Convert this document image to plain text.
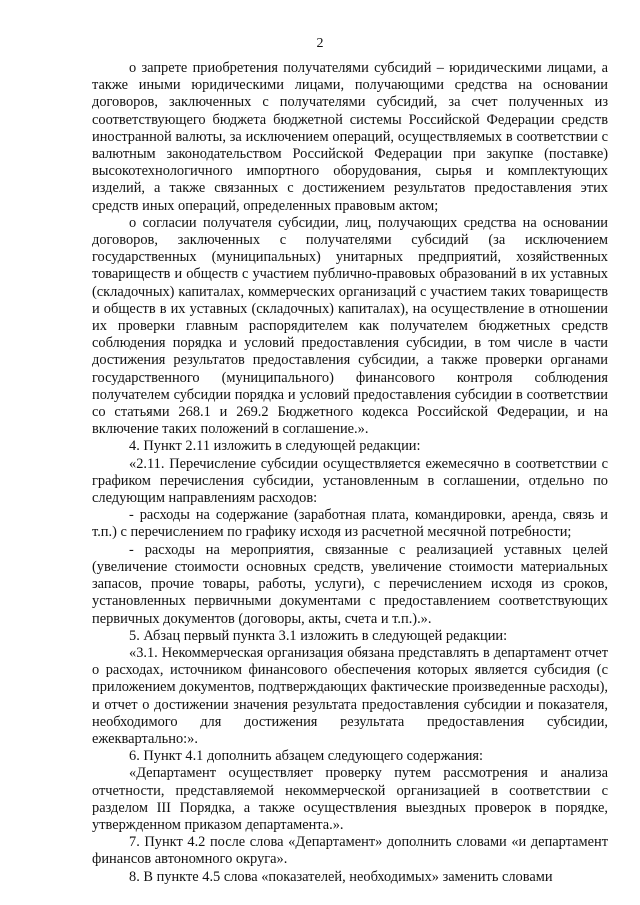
2

о запрете приобретения получателями субсидий – юридическими лицами, а также иными юридическими лицами, получающими средства на основании договоров, заключенных с получателями субсидий, за счет полученных из соответствующего бюджета бюджетной системы Российской Федерации средств иностранной валюты, за исключением операций, осуществляемых в соответствии с валютным законодательством Российской Федерации при закупке (поставке) высокотехнологичного импортного оборудования, сырья и комплектующих изделий, а также связанных с достижением результатов предоставления этих средств иных операций, определенных правовым актом;

о согласии получателя субсидии, лиц, получающих средства на основании договоров, заключенных с получателями субсидий (за исключением государственных (муниципальных) унитарных предприятий, хозяйственных товариществ и обществ с участием публично-правовых образований в их уставных (складочных) капиталах, коммерческих организаций с участием таких товариществ и обществ в их уставных (складочных) капиталах), на осуществление в отношении их проверки главным распорядителем как получателем бюджетных средств соблюдения порядка и условий предоставления субсидии, в том числе в части достижения результатов предоставления субсидии, а также проверки органами государственного (муниципального) финансового контроля соблюдения получателем субсидии порядка и условий предоставления субсидии в соответствии со статьями 268.1 и 269.2 Бюджетного кодекса Российской Федерации, и на включение таких положений в соглашение.».

4. Пункт 2.11 изложить в следующей редакции:

«2.11. Перечисление субсидии осуществляется ежемесячно в соответствии с графиком перечисления субсидии, установленным в соглашении, отдельно по следующим направлениям расходов:

- расходы на содержание (заработная плата, командировки, аренда, связь и т.п.) с перечислением по графику исходя из расчетной месячной потребности;

- расходы на мероприятия, связанные с реализацией уставных целей (увеличение стоимости основных средств, увеличение стоимости материальных запасов, прочие товары, работы, услуги), с перечислением исходя из сроков, установленных первичными документами с предоставлением соответствующих первичных документов (договоры, акты, счета и т.п.).».

5. Абзац первый пункта 3.1 изложить в следующей редакции:

«3.1. Некоммерческая организация обязана представлять в департамент отчет о расходах, источником финансового обеспечения которых является субсидия (с приложением документов, подтверждающих фактические произведенные расходы), и отчет о достижении значения результата предоставления субсидии и показателя, необходимого для достижения результата предоставления субсидии, ежеквартально:».

6. Пункт 4.1 дополнить абзацем следующего содержания:

«Департамент осуществляет проверку путем рассмотрения и анализа отчетности, представляемой некоммерческой организацией в соответствии с разделом III Порядка, а также осуществления выездных проверок в порядке, утвержденном приказом департамента.».

7. Пункт 4.2 после слова «Департамент» дополнить словами «и департамент финансов автономного округа».

8. В пункте 4.5 слова «показателей, необходимых» заменить словами
